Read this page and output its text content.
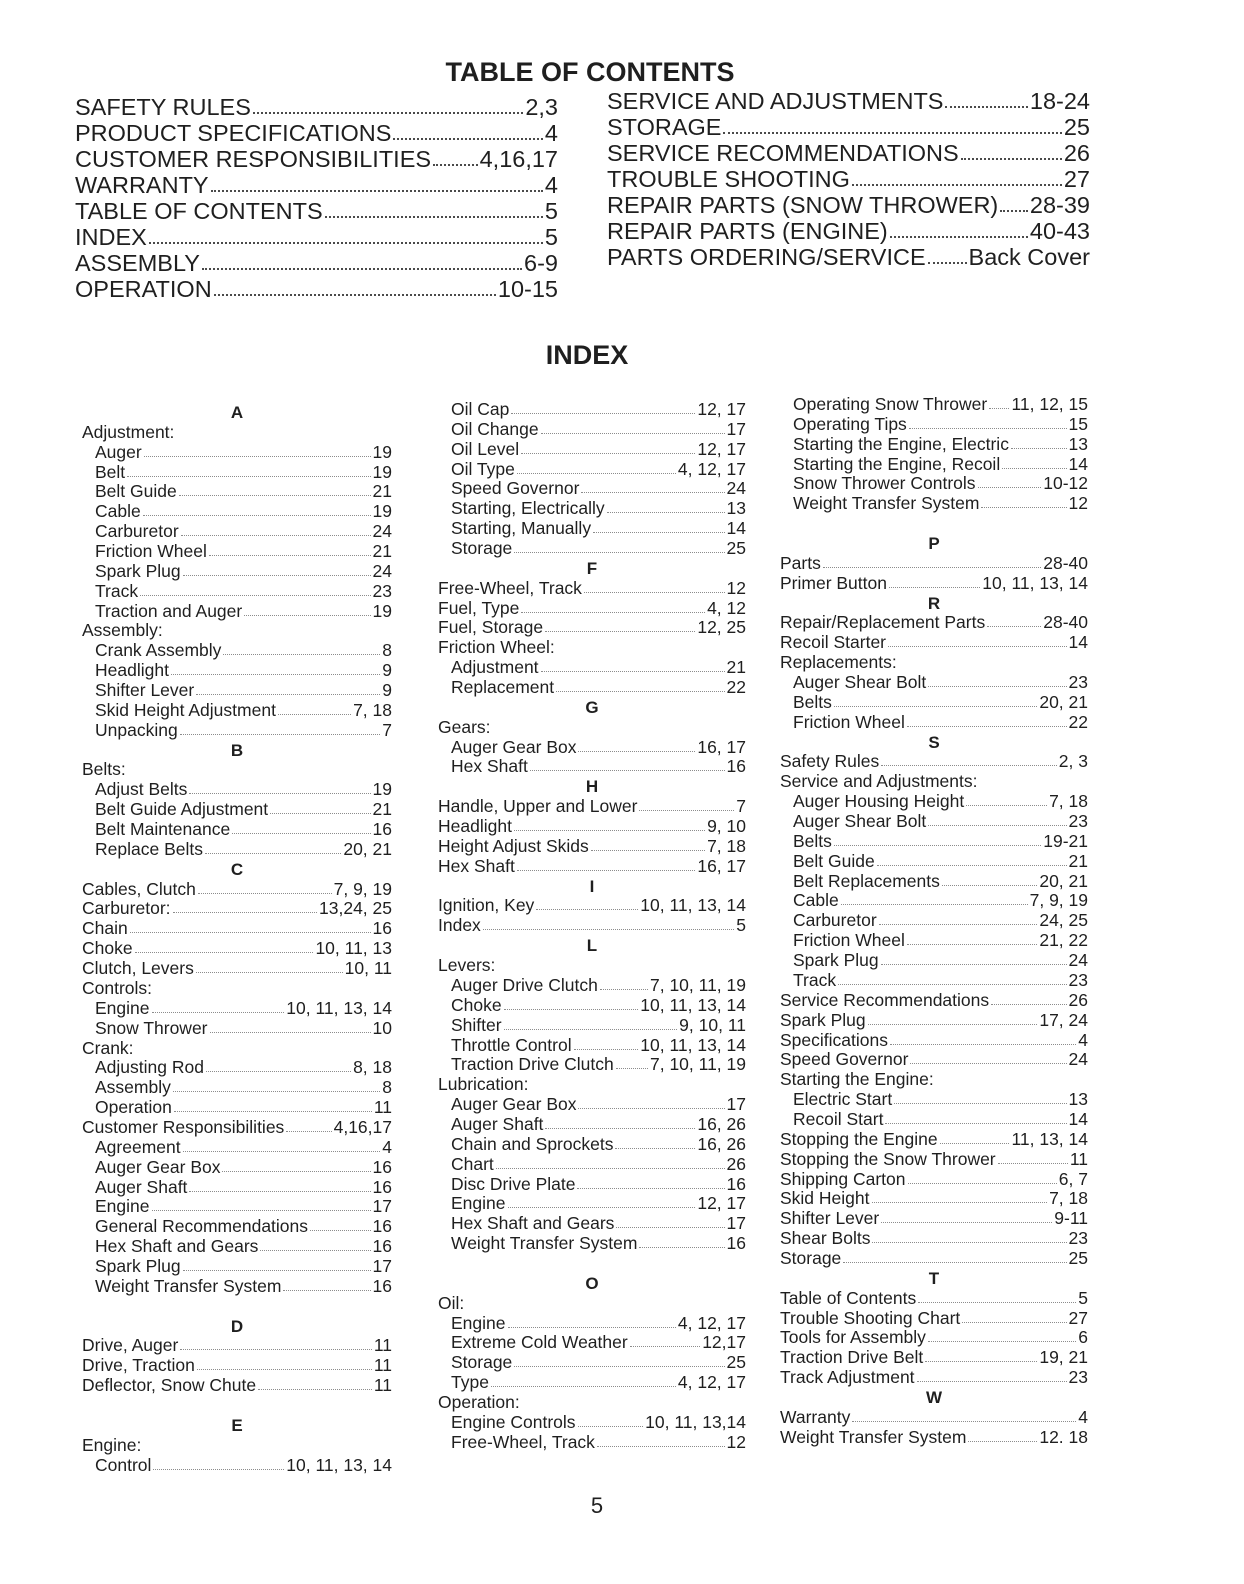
TABLE OF CONTENTS
SAFETY RULES	2,3
PRODUCT SPECIFICATIONS	4
CUSTOMER RESPONSIBILITIES 4,16,17
WARRANTY	4
TABLE OF CONTENTS	5
INDEX	5
ASSEMBLY	6-9
OPERATION	10-15
SERVICE AND ADJUSTMENTS	18-24
STORAGE	25
SERVICE RECOMMENDATIONS	26
TROUBLE SHOOTING	27
REPAIR PARTS (SNOW THROWER) 28-39
REPAIR PARTS (ENGINE)	40-43
PARTS ORDERING/SERVICE Back Cover
INDEX
A
Adjustment:
Auger	19
Belt	19
Belt Guide	21
Cable	19
Carburetor	24
Friction Wheel	21
Spark Plug	24
Track	23
Traction and Auger	19
Assembly:
Crank Assembly	8
Headlight	9
Shifter Lever	9
Skid Height Adjustment	7, 18
Unpacking	7
B
Belts:
Adjust Belts	19
Belt Guide Adjustment	21
Belt Maintenance	16
Replace Belts	20, 21
C
Cables, Clutch	7, 9, 19
Carburetor:	13,24, 25
Chain	16
Choke	10, 11, 13
Clutch, Levers	10, 11
Controls:
Engine	10, 11, 13, 14
Snow Thrower	10
Crank:
Adjusting Rod	8, 18
Assembly	8
Operation	11
Customer Responsibilities	4,16,17
Agreement	4
Auger Gear Box	16
Auger Shaft	16
Engine	17
General Recommendations	16
Hex Shaft and Gears	16
Spark Plug	17
Weight Transfer System	16
D
Drive, Auger	11
Drive, Traction	11
Deflector, Snow Chute	11
E
Engine:
Control	10, 11, 13, 14
Oil Cap	12, 17
Oil Change	17
Oil Level	12, 17
Oil Type	4, 12, 17
Speed Governor	24
Starting, Electrically	13
Starting, Manually	14
Storage	25
F
Free-Wheel, Track	12
Fuel, Type	4, 12
Fuel, Storage	12, 25
Friction Wheel:
Adjustment	21
Replacement	22
G
Gears:
Auger Gear Box	16, 17
Hex Shaft	16
H
Handle, Upper and Lower	7
Headlight	9, 10
Height Adjust Skids	7, 18
Hex Shaft	16, 17
I
Ignition, Key	10, 11, 13, 14
Index	5
L
Levers:
Auger Drive Clutch	7, 10, 11, 19
Choke	10, 11, 13, 14
Shifter	9, 10, 11
Throttle Control	10, 11, 13, 14
Traction Drive Clutch 7, 10, 11, 19
Lubrication:
Auger Gear Box	17
Auger Shaft	16, 26
Chain and Sprockets	16, 26
Chart	26
Disc Drive Plate	16
Engine	12, 17
Hex Shaft and Gears	17
Weight Transfer System	16
O
Oil:
Engine	4, 12, 17
Extreme Cold Weather	12,17
Storage	25
Type	4, 12, 17
Operation:
Engine Controls	10, 11, 13,14
Free-Wheel, Track	12
Operating Snow Thrower 11, 12, 15
Operating Tips	15
Starting the Engine, Electric	13
Starting the Engine, Recoil	14
Snow Thrower Controls	10-12
Weight Transfer System	12
P
Parts	28-40
Primer Button	10, 11, 13, 14
R
Repair/Replacement Parts	28-40
Recoil Starter	14
Replacements:
Auger Shear Bolt	23
Belts	20, 21
Friction Wheel	22
S
Safety Rules	2, 3
Service and Adjustments:
Auger Housing Height	7, 18
Auger Shear Bolt	23
Belts	19-21
Belt Guide	21
Belt Replacements	20, 21
Cable	7, 9, 19
Carburetor	24, 25
Friction Wheel	21, 22
Spark Plug	24
Track	23
Service Recommendations	26
Spark Plug	17, 24
Specifications	4
Speed Governor	24
Starting the Engine:
Electric Start	13
Recoil Start	14
Stopping the Engine	11, 13, 14
Stopping the Snow Thrower	11
Shipping Carton	6, 7
Skid Height	7, 18
Shifter Lever	9-11
Shear Bolts	23
Storage	25
T
Table of Contents	5
Trouble Shooting Chart	27
Tools for Assembly	6
Traction Drive Belt	19, 21
Track Adjustment	23
W
Warranty	4
Weight Transfer System	12. 18
5
